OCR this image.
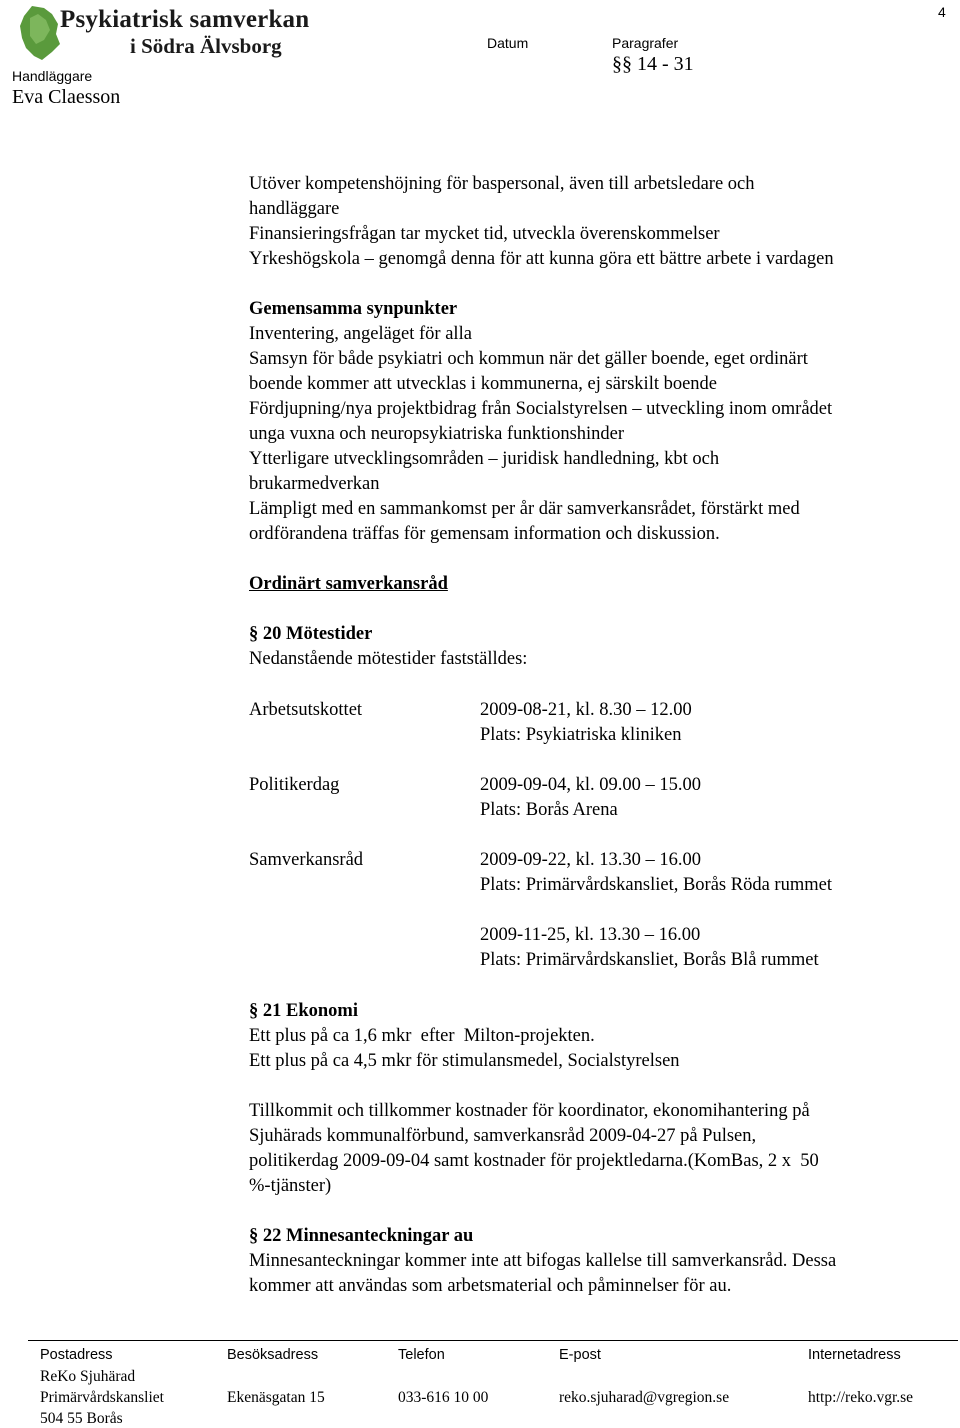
Psykiatrisk samverkan
i Södra Älvsborg
4
Handläggare
Eva Claesson
Datum	Paragrafer
§§ 14 - 31
Utöver kompetenshöjning för baspersonal, även till arbetsledare och
handläggare
Finansieringsfrågan tar mycket tid, utveckla överenskommelser
Yrkeshögskola – genomgå denna för att kunna göra ett bättre arbete i vardagen
Gemensamma synpunkter
Inventering, angeläget för alla
Samsyn för både psykiatri och kommun när det gäller boende, eget ordinärt
boende kommer att utvecklas i kommunerna, ej särskilt boende
Fördjupning/nya projektbidrag från Socialstyrelsen – utveckling inom området
unga vuxna och neuropsykiatriska funktionshinder
Ytterligare utvecklingsområden – juridisk handledning, kbt och
brukarmedverkan
Lämpligt med en sammankomst per år där samverkansrådet, förstärkt med
ordförandena träffas för gemensam information och diskussion.
Ordinärt samverkansråd
§ 20 Mötestider
Nedanstående mötestider fastställdes:
Arbetsutskottet	2009-08-21, kl. 8.30 – 12.00
Plats: Psykiatriska kliniken
Politikerdag	2009-09-04, kl. 09.00 – 15.00
Plats: Borås Arena
Samverkansråd	2009-09-22, kl. 13.30 – 16.00
Plats: Primärvårdskansliet, Borås Röda rummet
2009-11-25, kl. 13.30 – 16.00
Plats: Primärvårdskansliet, Borås Blå rummet
§ 21 Ekonomi
Ett plus på ca 1,6 mkr  efter  Milton-projekten.
Ett plus på ca 4,5 mkr för stimulansmedel, Socialstyrelsen
Tillkommit och tillkommer kostnader för koordinator, ekonomihantering på
Sjuhärads kommunalförbund, samverkansråd 2009-04-27 på Pulsen,
politikerdag 2009-09-04 samt kostnader för projektledarna.(KomBas, 2 x  50
%-tjänster)
§ 22 Minnesanteckningar au
Minnesanteckningar kommer inte att bifogas kallelse till samverkansråd. Dessa
kommer att användas som arbetsmaterial och påminnelser för au.
Postadress	Besöksadress	Telefon	E-post	Internetadress
ReKo Sjuhärad
Primärvårdskansliet
504 55 Borås
Ekenäsgatan 15	033-616 10 00	reko.sjuharad@vgregion.se	http://reko.vgr.se
